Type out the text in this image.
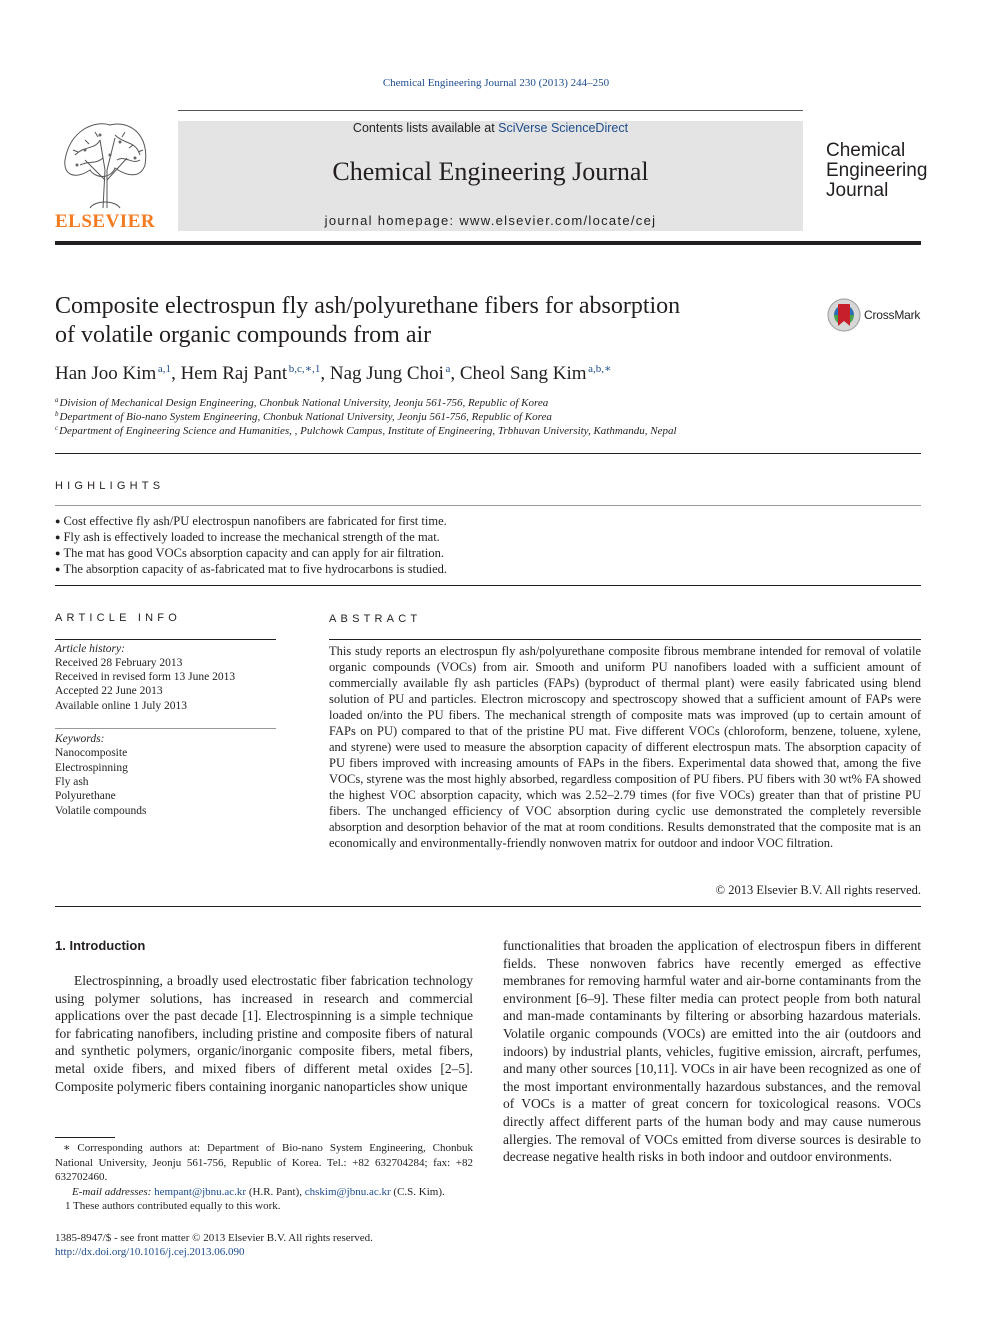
Chemical Engineering Journal 230 (2013) 244–250
ELSEVIER
Contents lists available at SciVerse ScienceDirect
Chemical Engineering Journal
journal homepage: www.elsevier.com/locate/cej
Chemical
Engineering
Journal
Composite electrospun fly ash/polyurethane fibers for absorption
of volatile organic compounds from air
CrossMark
Han Joo Kim  $^{a,1}$, Hem Raj Pant  $^{b,c,∗,1}$, Nag Jung Choi  $^a$, Cheol Sang Kim  $^{a,b,∗}$
$^a$Division of Mechanical Design Engineering, Chonbuk National University, Jeonju 561-756, Republic of Korea
$^b$Department of Bio-nano System Engineering, Chonbuk National University, Jeonju 561-756, Republic of Korea
$^c$Department of Engineering Science and Humanities, , Pulchowk Campus, Institute of Engineering, Trbhuvan University, Kathmandu, Nepal
HIGHLIGHTS
● Cost effective fly ash/PU electrospun nanofibers are fabricated for first time.
● Fly ash is effectively loaded to increase the mechanical strength of the mat.
● The mat has good VOCs absorption capacity and can apply for air filtration.
● The absorption capacity of as-fabricated mat to five hydrocarbons is studied.
ARTICLE INFO
Article history:
Received 28 February 2013
Received in revised form 13 June 2013
Accepted 22 June 2013
Available online 1 July 2013
Keywords:
Nanocomposite
Electrospinning
Fly ash
Polyurethane
Volatile compounds
ABSTRACT
This study reports an electrospun fly ash/polyurethane composite fibrous membrane intended for removal of volatile organic compounds (VOCs) from air. Smooth and uniform PU nanofibers loaded with a sufficient amount of commercially available fly ash particles (FAPs) (byproduct of thermal plant) were easily fabricated using blend solution of PU and particles. Electron microscopy and spectroscopy showed that a sufficient amount of FAPs were loaded on/into the PU fibers. The mechanical strength of composite mats was improved (up to certain amount of FAPs on PU) compared to that of the pristine PU mat. Five different VOCs (chloroform, benzene, toluene, xylene, and styrene) were used to measure the absorption capacity of different electrospun mats. The absorption capacity of PU fibers improved with increasing amounts of FAPs in the fibers. Experimental data showed that, among the five VOCs, styrene was the most highly absorbed, regardless composition of PU fibers. PU fibers with 30 wt% FA showed the highest VOC absorption capacity, which was 2.52–2.79 times (for five VOCs) greater than that of pristine PU fibers. The unchanged efficiency of VOC absorption during cyclic use demonstrated the completely reversible absorption and desorption behavior of the mat at room conditions. Results demonstrated that the composite mat is an economically and environmentally-friendly nonwoven matrix for outdoor and indoor VOC filtration.
© 2013 Elsevier B.V. All rights reserved.
1. Introduction
Electrospinning, a broadly used electrostatic fiber fabrication technology using polymer solutions, has increased in research and commercial applications over the past decade [1]. Electrospinning is a simple technique for fabricating nanofibers, including pristine and composite fibers of natural and synthetic polymers, organic/inorganic composite fibers, metal fibers, metal oxide fibers, and mixed fibers of different metal oxides [2–5]. Composite polymeric fibers containing inorganic nanoparticles show unique
functionalities that broaden the application of electrospun fibers in different fields. These nonwoven fabrics have recently emerged as effective membranes for removing harmful water and air-borne contaminants from the environment [6–9]. These filter media can protect people from both natural and man-made contaminants by filtering or absorbing hazardous materials. Volatile organic compounds (VOCs) are emitted into the air (outdoors and indoors) by industrial plants, vehicles, fugitive emission, aircraft, perfumes, and many other sources [10,11]. VOCs in air have been recognized as one of the most important environmentally hazardous substances, and the removal of VOCs is a matter of great concern for toxicological reasons. VOCs directly affect different parts of the human body and may cause numerous allergies. The removal of VOCs emitted from diverse sources is desirable to decrease negative health risks in both indoor and outdoor environments.
∗ Corresponding authors at: Department of Bio-nano System Engineering, Chonbuk National University, Jeonju 561-756, Republic of Korea. Tel.: +82 632704284; fax: +82 632702460.
E-mail addresses: hempant@jbnu.ac.kr (H.R. Pant), chskim@jbnu.ac.kr (C.S. Kim).
1 These authors contributed equally to this work.
1385-8947/$ - see front matter © 2013 Elsevier B.V. All rights reserved.
http://dx.doi.org/10.1016/j.cej.2013.06.090
